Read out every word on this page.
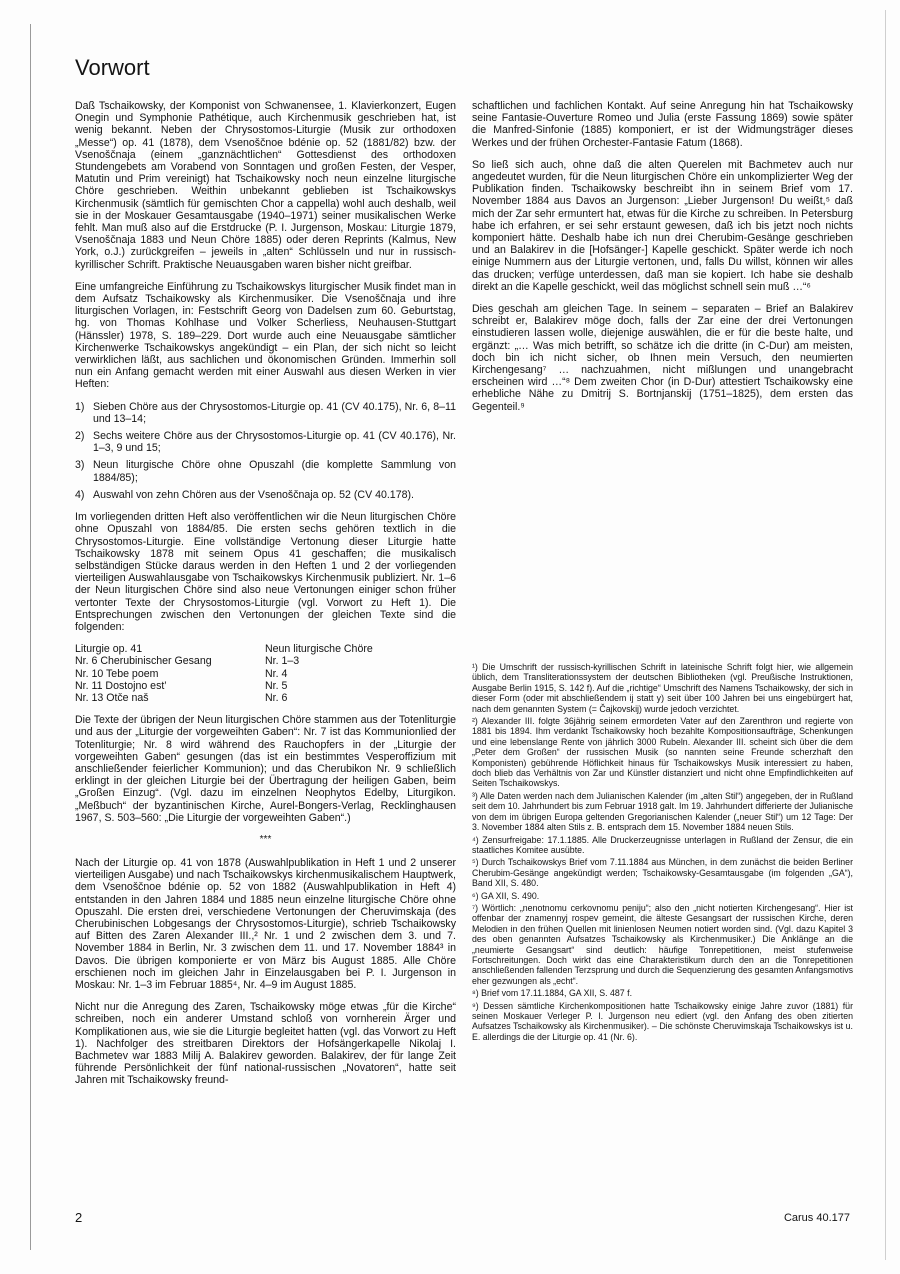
Vorwort

Daß Tschaikowsky, der Komponist von Schwanensee, 1. Klavierkonzert, Eugen Onegin und Symphonie Pathétique, auch Kirchenmusik geschrieben hat, ist wenig bekannt. Neben der Chrysostomos-Liturgie (Musik zur orthodoxen „Messe“) op. 41 (1878), dem Vsenoščnoe bdénie op. 52 (1881/82) bzw. der Vsenoščnaja (einem „ganznächtlichen“ Gottesdienst des orthodoxen Stundengebets am Vorabend von Sonntagen und großen Festen, der Vesper, Matutin und Prim vereinigt) hat Tschaikowsky noch neun einzelne liturgische Chöre geschrieben. Weithin unbekannt geblieben ist Tschaikowskys Kirchenmusik (sämtlich für gemischten Chor a cappella) wohl auch deshalb, weil sie in der Moskauer Gesamtausgabe (1940–1971) seiner musikalischen Werke fehlt. Man muß also auf die Erstdrucke (P. I. Jurgenson, Moskau: Liturgie 1879, Vsenoščnaja 1883 und Neun Chöre 1885) oder deren Reprints (Kalmus, New York, o.J.) zurückgreifen – jeweils in „alten“ Schlüsseln und nur in russisch-kyrillischer Schrift. Praktische Neuausgaben waren bisher nicht greifbar.

Eine umfangreiche Einführung zu Tschaikowskys liturgischer Musik findet man in dem Aufsatz Tschaikowsky als Kirchenmusiker. Die Vsenoščnaja und ihre liturgischen Vorlagen, in: Festschrift Georg von Dadelsen zum 60. Geburtstag, hg. von Thomas Kohlhase und Volker Scherliess, Neuhausen-Stuttgart (Hänssler) 1978, S. 189–229. Dort wurde auch eine Neuausgabe sämtlicher Kirchenwerke Tschaikowskys angekündigt – ein Plan, der sich nicht so leicht verwirklichen läßt, aus sachlichen und ökonomischen Gründen. Immerhin soll nun ein Anfang gemacht werden mit einer Auswahl aus diesen Werken in vier Heften:

1) Sieben Chöre aus der Chrysostomos-Liturgie op. 41 (CV 40.175), Nr. 6, 8–11 und 13–14;
2) Sechs weitere Chöre aus der Chrysostomos-Liturgie op. 41 (CV 40.176), Nr. 1–3, 9 und 15;
3) Neun liturgische Chöre ohne Opuszahl (die komplette Sammlung von 1884/85);
4) Auswahl von zehn Chören aus der Vsenoščnaja op. 52 (CV 40.178).

Im vorliegenden dritten Heft also veröffentlichen wir die Neun liturgischen Chöre ohne Opuszahl von 1884/85. Die ersten sechs gehören textlich in die Chrysostomos-Liturgie. Eine vollständige Vertonung dieser Liturgie hatte Tschaikowsky 1878 mit seinem Opus 41 geschaffen; die musikalisch selbständigen Stücke daraus werden in den Heften 1 und 2 der vorliegenden vierteiligen Auswahlausgabe von Tschaikowskys Kirchenmusik publiziert. Nr. 1–6 der Neun liturgischen Chöre sind also neue Vertonungen einiger schon früher vertonter Texte der Chrysostomos-Liturgie (vgl. Vorwort zu Heft 1). Die Entsprechungen zwischen den Vertonungen der gleichen Texte sind die folgenden:

Liturgie op. 41	Neun liturgische Chöre
Nr. 6 Cherubinischer Gesang	Nr. 1–3
Nr. 10 Tebe poem	Nr. 4
Nr. 11 Dostojno est’	Nr. 5
Nr. 13 Otče naš	Nr. 6

Die Texte der übrigen der Neun liturgischen Chöre stammen aus der Totenliturgie und aus der „Liturgie der vorgeweihten Gaben“: Nr. 7 ist das Kommunionlied der Totenliturgie; Nr. 8 wird während des Rauchopfers in der „Liturgie der vorgeweihten Gaben“ gesungen (das ist ein bestimmtes Vesperoffizium mit anschließender feierlicher Kommunion); und das Cherubikon Nr. 9 schließlich erklingt in der gleichen Liturgie bei der Übertragung der heiligen Gaben, beim „Großen Einzug“. (Vgl. dazu im einzelnen Neophytos Edelby, Liturgikon. „Meßbuch“ der byzantinischen Kirche, Aurel-Bongers-Verlag, Recklinghausen 1967, S. 503–560: „Die Liturgie der vorgeweihten Gaben“.)

***

Nach der Liturgie op. 41 von 1878 (Auswahlpublikation in Heft 1 und 2 unserer vierteiligen Ausgabe) und nach Tschaikowskys kirchenmusikalischem Hauptwerk, dem Vsenoščnoe bdénie op. 52 von 1882 (Auswahlpublikation in Heft 4) entstanden in den Jahren 1884 und 1885 neun einzelne liturgische Chöre ohne Opuszahl. Die ersten drei, verschiedene Vertonungen der Cheruvimskaja (des Cherubinischen Lobgesangs der Chrysostomos-Liturgie), schrieb Tschaikowsky auf Bitten des Zaren Alexander III.,² Nr. 1 und 2 zwischen dem 3. und 7. November 1884 in Berlin, Nr. 3 zwischen dem 11. und 17. November 1884³ in Davos. Die übrigen komponierte er von März bis August 1885. Alle Chöre erschienen noch im gleichen Jahr in Einzelausgaben bei P. I. Jurgenson in Moskau: Nr. 1–3 im Februar 1885⁴, Nr. 4–9 im August 1885.

Nicht nur die Anregung des Zaren, Tschaikowsky möge etwas „für die Kirche“ schreiben, noch ein anderer Umstand schloß von vornherein Ärger und Komplikationen aus, wie sie die Liturgie begleitet hatten (vgl. das Vorwort zu Heft 1). Nachfolger des streitbaren Direktors der Hofsängerkapelle Nikolaj I. Bachmetev war 1883 Milij A. Balakirev geworden. Balakirev, der für lange Zeit führende Persönlichkeit der fünf national-russischen „Novatoren“, hatte seit Jahren mit Tschaikowsky freund-

schaftlichen und fachlichen Kontakt. Auf seine Anregung hin hat Tschaikowsky seine Fantasie-Ouverture Romeo und Julia (erste Fassung 1869) sowie später die Manfred-Sinfonie (1885) komponiert, er ist der Widmungsträger dieses Werkes und der frühen Orchester-Fantasie Fatum (1868).

So ließ sich auch, ohne daß die alten Querelen mit Bachmetev auch nur angedeutet wurden, für die Neun liturgischen Chöre ein unkomplizierter Weg der Publikation finden. Tschaikowsky beschreibt ihn in seinem Brief vom 17. November 1884 aus Davos an Jurgenson: „Lieber Jurgenson! Du weißt,⁵ daß mich der Zar sehr ermuntert hat, etwas für die Kirche zu schreiben. In Petersburg habe ich erfahren, er sei sehr erstaunt gewesen, daß ich bis jetzt noch nichts komponiert hätte. Deshalb habe ich nun drei Cherubim-Gesänge geschrieben und an Balakirev in die [Hofsänger-] Kapelle geschickt. Später werde ich noch einige Nummern aus der Liturgie vertonen, und, falls Du willst, können wir alles das drucken; verfüge unterdessen, daß man sie kopiert. Ich habe sie deshalb direkt an die Kapelle geschickt, weil das möglichst schnell sein muß …“⁶

Dies geschah am gleichen Tage. In seinem – separaten – Brief an Balakirev schreibt er, Balakirev möge doch, falls der Zar eine der drei Vertonungen einstudieren lassen wolle, diejenige auswählen, die er für die beste halte, und ergänzt: „… Was mich betrifft, so schätze ich die dritte (in C-Dur) am meisten, doch bin ich nicht sicher, ob Ihnen mein Versuch, den neumierten Kirchengesang⁷ … nachzuahmen, nicht mißlungen und unangebracht erscheinen wird …“⁸ Dem zweiten Chor (in D-Dur) attestiert Tschaikowsky eine erhebliche Nähe zu Dmitrij S. Bortnjanskij (1751–1825), dem ersten das Gegenteil.⁹

¹) Die Umschrift der russisch-kyrillischen Schrift in lateinische Schrift folgt hier, wie allgemein üblich, dem Transliterationssystem der deutschen Bibliotheken (vgl. Preußische Instruktionen, Ausgabe Berlin 1915, S. 142 f). Auf die „richtige“ Umschrift des Namens Tschaikowsky, der sich in dieser Form (oder mit abschließendem ij statt y) seit über 100 Jahren bei uns eingebürgert hat, nach dem genannten System (= Čajkovskij) wurde jedoch verzichtet.

²) Alexander III. folgte 36jährig seinem ermordeten Vater auf den Zarenthron und regierte von 1881 bis 1894. Ihm verdankt Tschaikowsky hoch bezahlte Kompositionsaufträge, Schenkungen und eine lebenslange Rente von jährlich 3000 Rubeln. Alexander III. scheint sich über die dem „Peter dem Großen“ der russischen Musik (so nannten seine Freunde scherzhaft den Komponisten) gebührende Höflichkeit hinaus für Tschaikowskys Musik interessiert zu haben, doch blieb das Verhältnis von Zar und Künstler distanziert und nicht ohne Empfindlichkeiten auf Seiten Tschaikowskys.

³) Alle Daten werden nach dem Julianischen Kalender (im „alten Stil“) angegeben, der in Rußland seit dem 10. Jahrhundert bis zum Februar 1918 galt. Im 19. Jahrhundert differierte der Julianische von dem im übrigen Europa geltenden Gregorianischen Kalender („neuer Stil“) um 12 Tage: Der 3. November 1884 alten Stils z. B. entsprach dem 15. November 1884 neuen Stils.

⁴) Zensurfreigabe: 17.1.1885. Alle Druckerzeugnisse unterlagen in Rußland der Zensur, die ein staatliches Komitee ausübte.

⁵) Durch Tschaikowskys Brief vom 7.11.1884 aus München, in dem zunächst die beiden Berliner Cherubim-Gesänge angekündigt werden; Tschaikowsky-Gesamtausgabe (im folgenden „GA“), Band XII, S. 480.

⁶) GA XII, S. 490.

⁷) Wörtlich: „nenotnomu cerkovnomu peniju“; also den „nicht notierten Kirchengesang“. Hier ist offenbar der znamennyj rospev gemeint, die älteste Gesangsart der russischen Kirche, deren Melodien in den frühen Quellen mit linienlosen Neumen notiert worden sind. (Vgl. dazu Kapitel 3 des oben genannten Aufsatzes Tschaikowsky als Kirchenmusiker.) Die Anklänge an die „neumierte Gesangsart“ sind deutlich: häufige Tonrepetitionen, meist stufenweise Fortschreitungen. Doch wirkt das eine Charakteristikum durch den an die Tonrepetitionen anschließenden fallenden Terzsprung und durch die Sequenzierung des gesamten Anfangsmotivs eher gezwungen als „echt“.

⁸) Brief vom 17.11.1884, GA XII, S. 487 f.

⁹) Dessen sämtliche Kirchenkompositionen hatte Tschaikowsky einige Jahre zuvor (1881) für seinen Moskauer Verleger P. I. Jurgenson neu ediert (vgl. den Anfang des oben zitierten Aufsatzes Tschaikowsky als Kirchenmusiker). – Die schönste Cheruvimskaja Tschaikowskys ist u. E. allerdings die der Liturgie op. 41 (Nr. 6).

2	Carus 40.177
